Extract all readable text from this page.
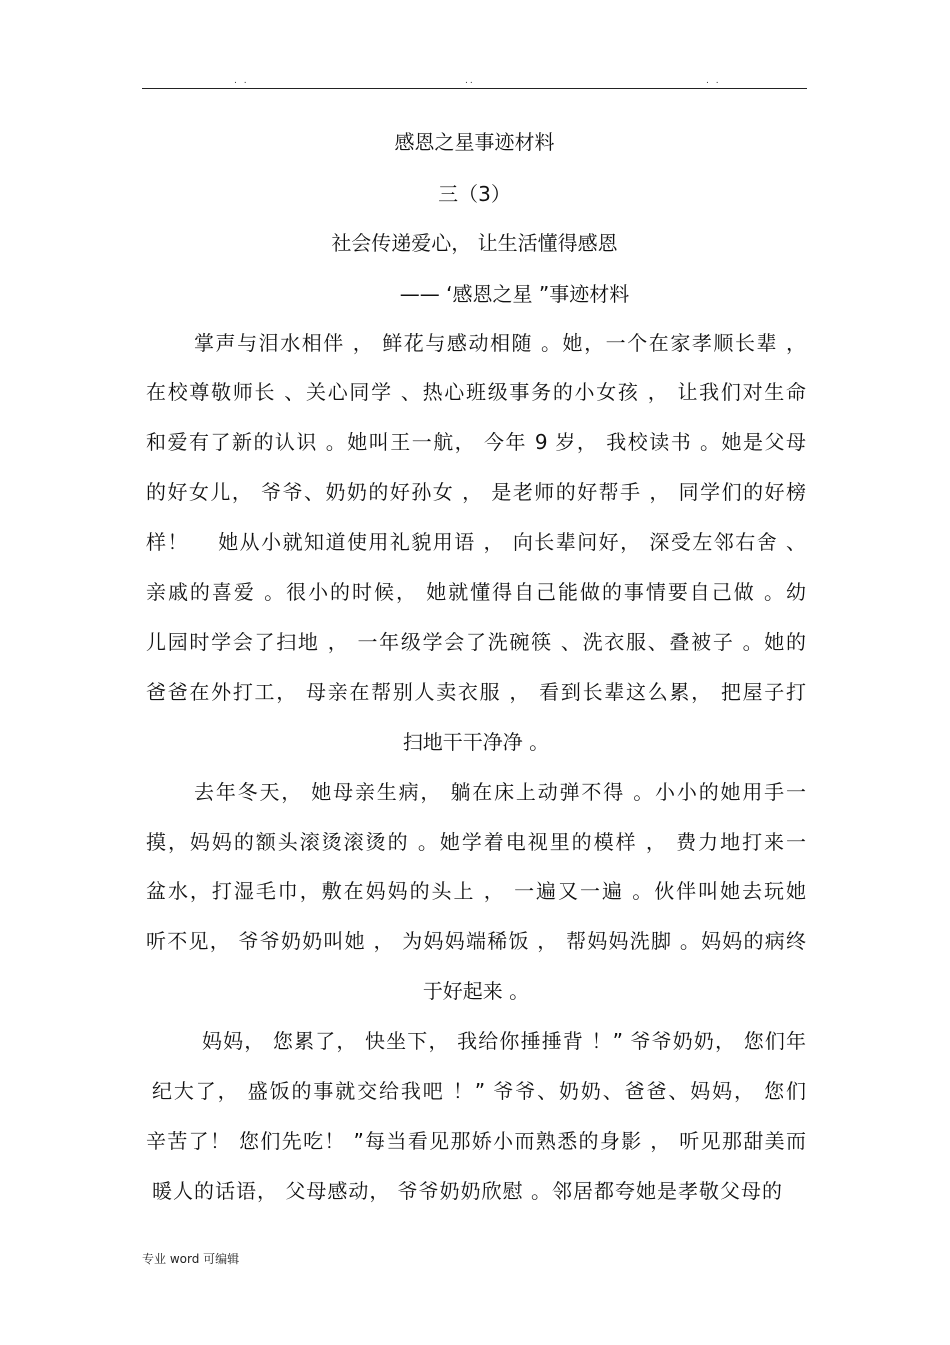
. .	..	. .
感恩之星事迹材料
三（3）
社会传递爱心， 让生活懂得感恩
—— ‘感恩之星 ”事迹材料
掌声与泪水相伴 ， 鲜花与感动相随 。她，一个在家孝顺长辈 ，
在校尊敬师长 、关心同学 、热心班级事务的小女孩 ， 让我们对生命
和爱有了新的认识 。她叫王一航， 今年 9 岁， 我校读书 。她是父母
的好女儿， 爷爷、奶奶的好孙女 ， 是老师的好帮手 ， 同学们的好榜
样！　 她从小就知道使用礼貌用语 ， 向长辈问好， 深受左邻右舍 、
亲戚的喜爱 。很小的时候， 她就懂得自己能做的事情要自己做 。幼
儿园时学会了扫地 ， 一年级学会了洗碗筷 、洗衣服、叠被子 。她的
爸爸在外打工， 母亲在帮别人卖衣服 ， 看到长辈这么累， 把屋子打
扫地干干净净 。
去年冬天， 她母亲生病， 躺在床上动弹不得 。小小的她用手一
摸，妈妈的额头滚烫滚烫的 。她学着电视里的模样 ， 费力地打来一
盆水，打湿毛巾，敷在妈妈的头上 ， 一遍又一遍 。伙伴叫她去玩她
听不见， 爷爷奶奶叫她 ， 为妈妈端稀饭 ， 帮妈妈洗脚 。妈妈的病终
于好起来 。
妈妈， 您累了， 快坐下， 我给你捶捶背 ！” 爷爷奶奶， 您们年
纪大了， 盛饭的事就交给我吧 ！” 爷爷、奶奶、爸爸、妈妈， 您们
辛苦了！ 您们先吃！ ”每当看见那娇小而熟悉的身影 ， 听见那甜美而
暖人的话语， 父母感动， 爷爷奶奶欣慰 。邻居都夸她是孝敬父母的
专业 word 可编辑
